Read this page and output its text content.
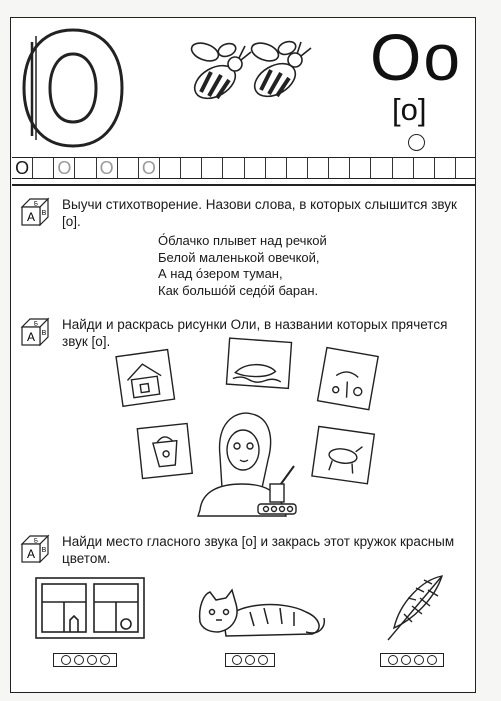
Оо
[о]
О О О О
А
Б
В
Выучи стихотворение. Назови слова, в которых слышится звук [о].
О́блачко плывет над речкой
Белой маленькой овечкой,
А над о́зером туман,
Как большо́й седо́й баран.
А
Б
В
Найди и раскрась рисунки Оли, в названии которых прячется звук [о].
А
Б
В
Найди место гласного звука [о] и закрась этот кружок красным цветом.
